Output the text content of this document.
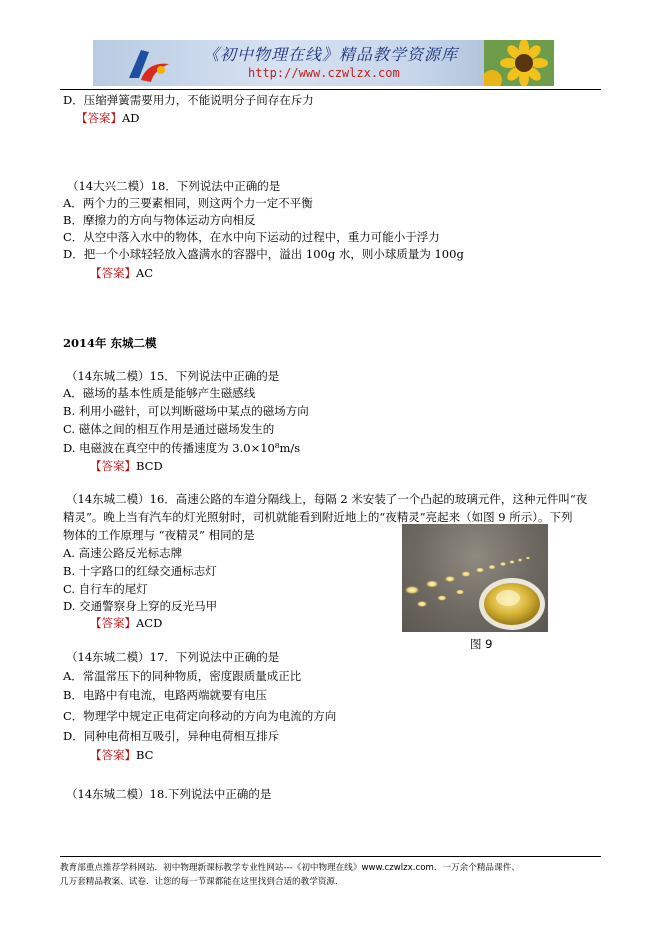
《初中物理在线》精品教学资源库
http://www.czwlzx.com
D．压缩弹簧需要用力，不能说明分子间存在斥力
【答案】AD
（14大兴二模）18．下列说法中正确的是
A．两个力的三要素相同，则这两个力一定不平衡
B．摩擦力的方向与物体运动方向相反
C．从空中落入水中的物体，在水中向下运动的过程中，重力可能小于浮力
D．把一个小球轻轻放入盛满水的容器中，溢出 100g 水，则小球质量为 100g
【答案】AC
2014年 东城二模
（14东城二模）15．下列说法中正确的是
A．磁场的基本性质是能够产生磁感线
B. 利用小磁针，可以判断磁场中某点的磁场方向
C. 磁体之间的相互作用是通过磁场发生的
D. 电磁波在真空中的传播速度为 3.0×10⁸m/s
【答案】BCD
（14东城二模）16．高速公路的车道分隔线上，每隔 2 米安装了一个凸起的玻璃元件，这种元件叫“夜
精灵”。晚上当有汽车的灯光照射时，司机就能看到附近地上的“夜精灵”亮起来（如图 9 所示）。下列
物体的工作原理与 “夜精灵” 相同的是
A. 高速公路反光标志牌
B. 十字路口的红绿交通标志灯
C. 自行车的尾灯
D. 交通警察身上穿的反光马甲
【答案】ACD
图 9
（14东城二模）17．下列说法中正确的是
A．常温常压下的同种物质，密度跟质量成正比
B．电路中有电流，电路两端就要有电压
C．物理学中规定正电荷定向移动的方向为电流的方向
D．同种电荷相互吸引，异种电荷相互排斥
【答案】BC
（14东城二模）18.下列说法中正确的是
教育部重点推荐学科网站．初中物理新课标教学专业性网站---《初中物理在线》www.czwlzx.com．一万余个精品课件、
几万套精品教案、试卷．让您的每一节课都能在这里找到合适的教学资源．
